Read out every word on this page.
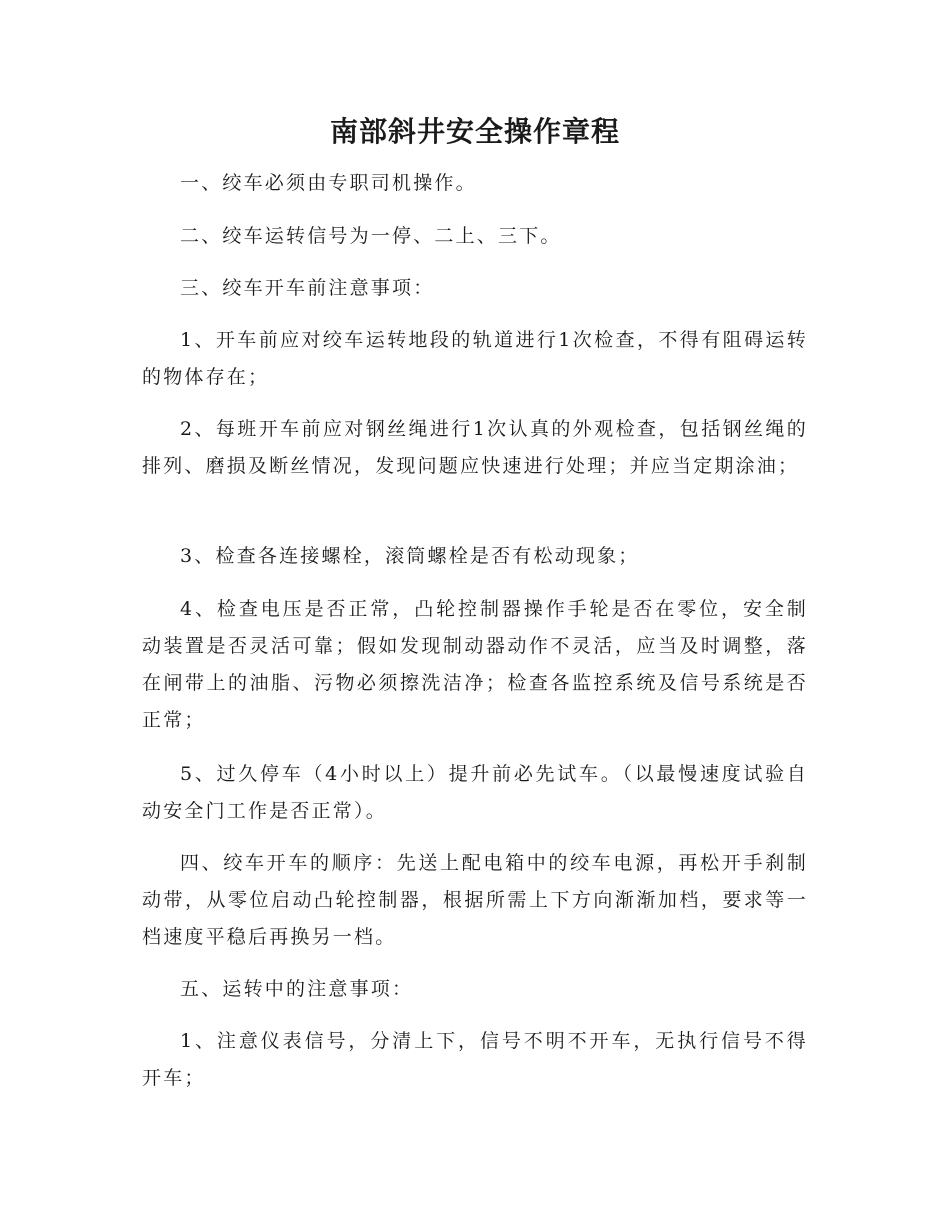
南部斜井安全操作章程

一、绞车必须由专职司机操作。

二、绞车运转信号为一停、二上、三下。

三、绞车开车前注意事项：

1、开车前应对绞车运转地段的轨道进行1次检查，不得有阻碍运转的物体存在；

2、每班开车前应对钢丝绳进行1次认真的外观检查，包括钢丝绳的排列、磨损及断丝情况，发现问题应快速进行处理；并应当定期涂油；

3、检查各连接螺栓，滚筒螺栓是否有松动现象；

4、检查电压是否正常，凸轮控制器操作手轮是否在零位，安全制动装置是否灵活可靠；假如发现制动器动作不灵活，应当及时调整，落在闸带上的油脂、污物必须擦洗洁净；检查各监控系统及信号系统是否正常；

5、过久停车（4小时以上）提升前必先试车。（以最慢速度试验自动安全门工作是否正常）。

四、绞车开车的顺序：先送上配电箱中的绞车电源，再松开手刹制动带，从零位启动凸轮控制器，根据所需上下方向渐渐加档，要求等一档速度平稳后再换另一档。

五、运转中的注意事项：

1、注意仪表信号，分清上下，信号不明不开车，无执行信号不得开车；
